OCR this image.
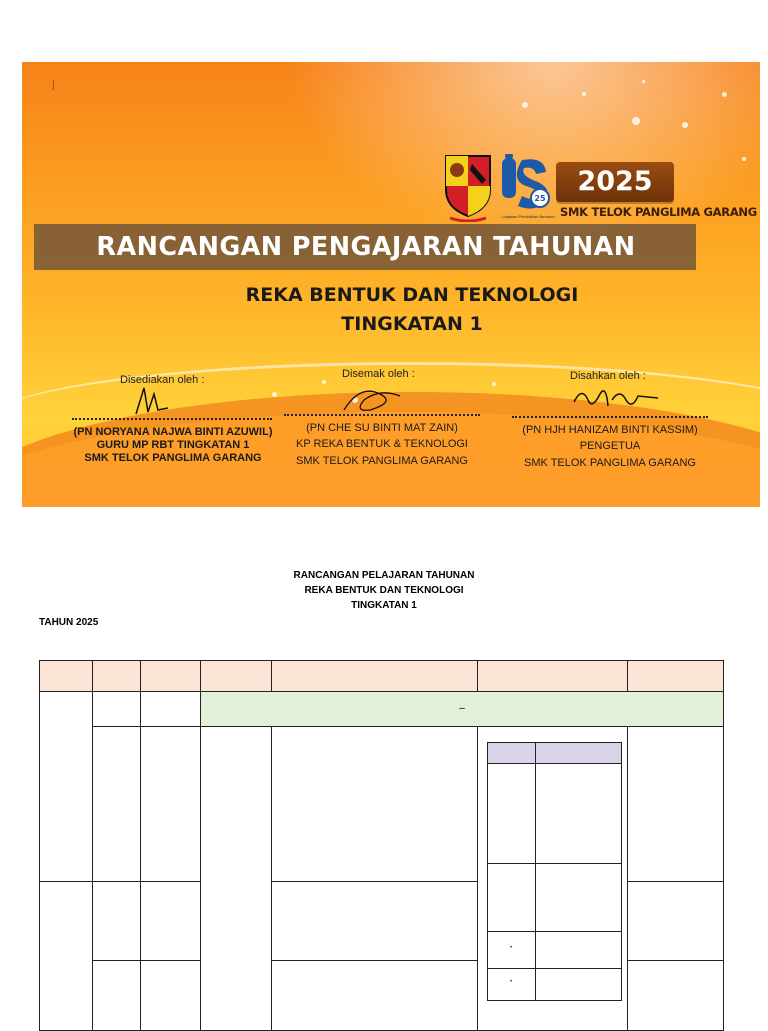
|
25
Lonjakan Pendidikan Bermutu
2025
SMK TELOK PANGLIMA GARANG
RANCANGAN PENGAJARAN TAHUNAN
REKA BENTUK DAN TEKNOLOGI
TINGKATAN 1
Disediakan oleh :
(PN NORYANA NAJWA BINTI AZUWIL)
GURU MP RBT TINGKATAN 1
SMK TELOK PANGLIMA GARANG
Disemak oleh :
(PN CHE SU BINTI MAT ZAIN)
KP REKA BENTUK & TEKNOLOGI
SMK TELOK PANGLIMA GARANG
Disahkan oleh :
(PN HJH HANIZAM BINTI KASSIM)
PENGETUA
SMK TELOK PANGLIMA GARANG
RANCANGAN PELAJARAN TAHUNAN
REKA BENTUK DAN TEKNOLOGI
TINGKATAN 1
TAHUN 2025
–
•
•
